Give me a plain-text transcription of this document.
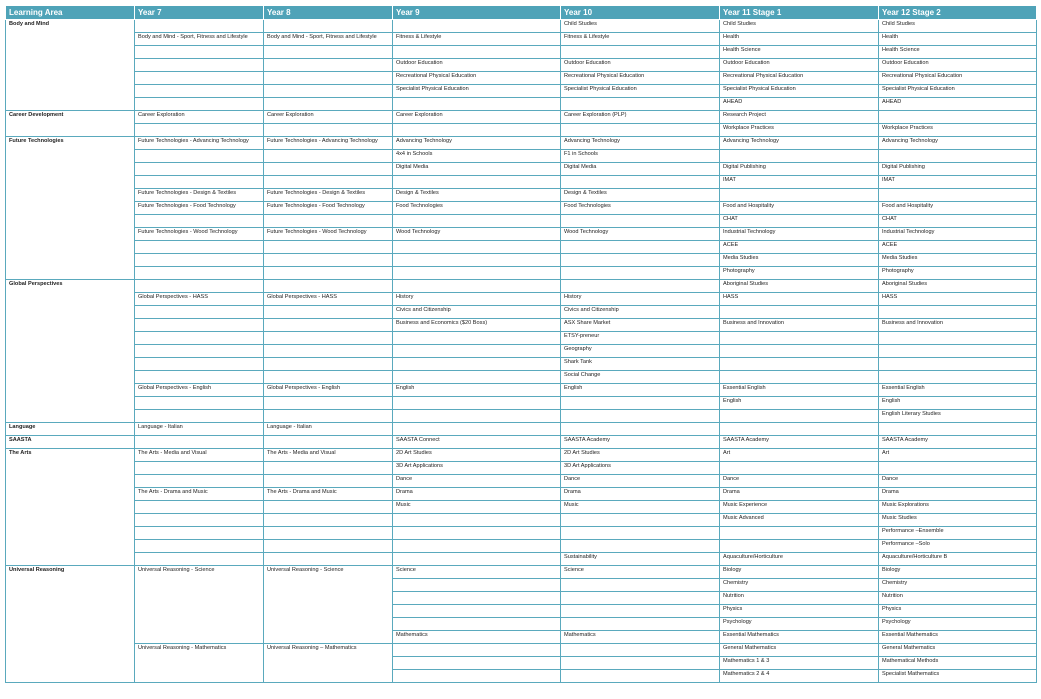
Learning Area	Year 7	Year 8	Year 9	Year 10	Year 11 Stage 1	Year 12 Stage 2
Body and Mind				Child Studies	Child Studies	Child Studies
	Body and Mind - Sport, Fitness and Lifestyle	Body and Mind - Sport, Fitness and Lifestyle	Fitness & Lifestyle	Fitness & Lifestyle	Health	Health
					Health Science	Health Science
			Outdoor Education	Outdoor Education	Outdoor Education	Outdoor Education
			Recreational Physical Education	Recreational Physical Education	Recreational Physical Education	Recreational Physical Education
			Specialist Physical Education	Specialist Physical Education	Specialist Physical Education	Specialist Physical Education
					AHEAD	AHEAD
Career Development	Career Exploration	Career Exploration	Career Exploration	Career Exploration (PLP)	Research Project	
					Workplace Practices	Workplace Practices
Future Technologies	Future Technologies - Advancing Technology	Future Technologies - Advancing Technology	Advancing Technology	Advancing Technology	Advancing Technology	Advancing Technology
			4x4 in Schools	F1 in Schools		
			Digital Media	Digital Media	Digital Publishing	Digital Publishing
					IMAT	IMAT
	Future Technologies - Design & Textiles	Future Technologies - Design & Textiles	Design & Textiles	Design & Textiles		
	Future Technologies - Food Technology	Future Technologies - Food Technology	Food Technologies	Food Technologies	Food and Hospitality	Food and Hospitality
					CHAT	CHAT
	Future Technologies - Wood Technology	Future Technologies - Wood Technology	Wood Technology	Wood Technology	Industrial Technology	Industrial Technology
					ACEE	ACEE
					Media Studies	Media Studies
					Photography	Photography
Global Perspectives					Aboriginal Studies	Aboriginal Studies
	Global Perspectives - HASS	Global Perspectives - HASS	History	History	HASS	HASS
			Civics and Citizenship	Civics and Citizenship		
			Business and Economics ($20 Boss)	ASX Share Market	Business and Innovation	Business and Innovation
				ETSY-preneur		
				Geography		
				Shark Tank		
				Social Change		
	Global Perspectives - English	Global Perspectives - English	English	English	Essential English	Essential English
					English	English
						English Literary Studies
Language	Language - Italian	Language - Italian				
SAASTA			SAASTA Connect	SAASTA Academy	SAASTA Academy	SAASTA Academy
The Arts	The Arts - Media and Visual	The Arts - Media and Visual	2D Art Studies	2D Art Studies	Art	Art
			3D Art Applications	3D Art Applications		
			Dance	Dance	Dance	Dance
	The Arts - Drama and Music	The Arts - Drama and Music	Drama	Drama	Drama	Drama
			Music	Music	Music Experience	Music Explorations
					Music Advanced	Music Studies
						Performance –Ensemble
						Performance –Solo
				Sustainability	Aquaculture/Horticulture	Aquaculture/Horticulture B
Universal Reasoning	Universal Reasoning - Science	Universal Reasoning - Science	Science	Science	Biology	Biology
					Chemistry	Chemistry
					Nutrition	Nutrition
					Physics	Physics
					Psychology	Psychology
			Mathematics	Mathematics	Essential Mathematics	Essential Mathematics
	Universal Reasoning - Mathematics	Universal Reasoning – Mathematics			General Mathematics	General Mathematics
					Mathematics 1 & 3	Mathematical Methods
					Mathematics 2 & 4	Specialist Mathematics
